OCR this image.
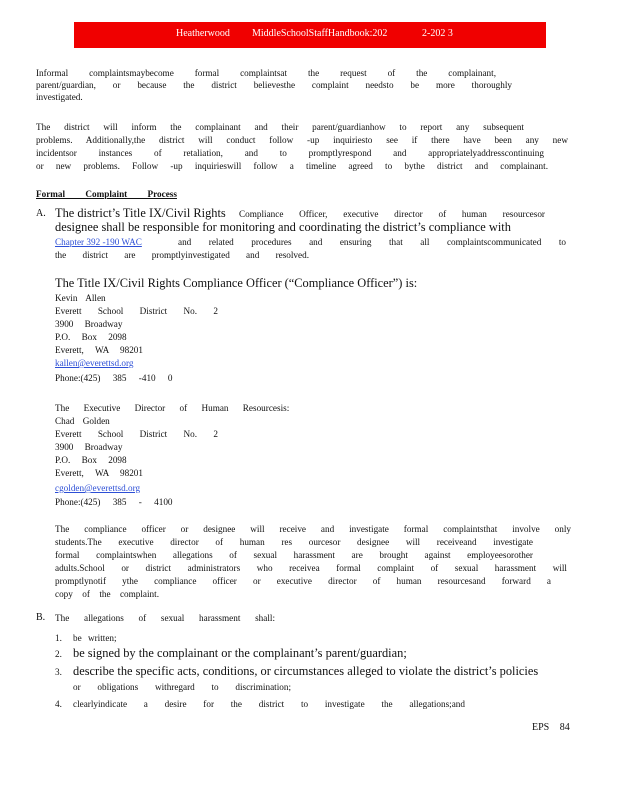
Heatherwood MiddleSchoolStaffHandbook:202	2-202 3
Informal complaintsmaybecome formal complaintsat the request of the complainant,
parent/guardian, or because the district believesthe complaint needsto be more thoroughly
investigated.
The district will inform the complainant and their parent/guardianhow to report any subsequent
problems. Additionally,the district will conduct follow -up inquiriesto see if there have been any new
incidentsor instances of retaliation, and to promptlyrespond and appropriatelyaddresscontinuing
or new problems. Follow -up inquirieswill follow a timeline agreed to bythe district and complainant.
Formal Complaint Process
A. The district’s Title IX/Civil Rights Compliance Officer, executive director of human resourcesor
designee shall be responsible for monitoring and coordinating the district’s compliance with
Chapter 392 -190 WAC	and related procedures and ensuring that all complaintscommunicated to
the district are promptlyinvestigated and resolved.
The Title IX/Civil Rights Compliance Officer (“Compliance Officer”) is:
Kevin Allen
Everett School District No. 2
3900 Broadway
P.O. Box 2098
Everett, WA 98201
kallen@everettsd.org
Phone:(425) 385 -410 0
The Executive Director of Human Resourcesis:
Chad Golden
Everett School District No. 2
3900 Broadway
P.O. Box 2098
Everett, WA 98201
cgolden@everettsd.org
Phone:(425) 385 - 4100
The compliance officer or designee will receive and investigate formal complaintsthat involve only
students.The executive director of human res ourcesor designee will receiveand investigate
formal complaintswhen allegations of sexual harassment are brought against employeesorother
adults.School or district administrators who receivea formal complaint of sexual harassment will
promptlynotif ythe compliance officer or executive director of human resourcesand forward a
copy of the complaint.
B. The allegations of sexual harassment shall:
1. be written;
2. be signed by the complainant or the complainant’s parent/guardian;
3. describe the specific acts, conditions, or circumstances alleged to violate the district’s policies
or obligations withregard to discrimination;
4. clearlyindicate a desire for the district to investigate the allegations;and
EPS 84
